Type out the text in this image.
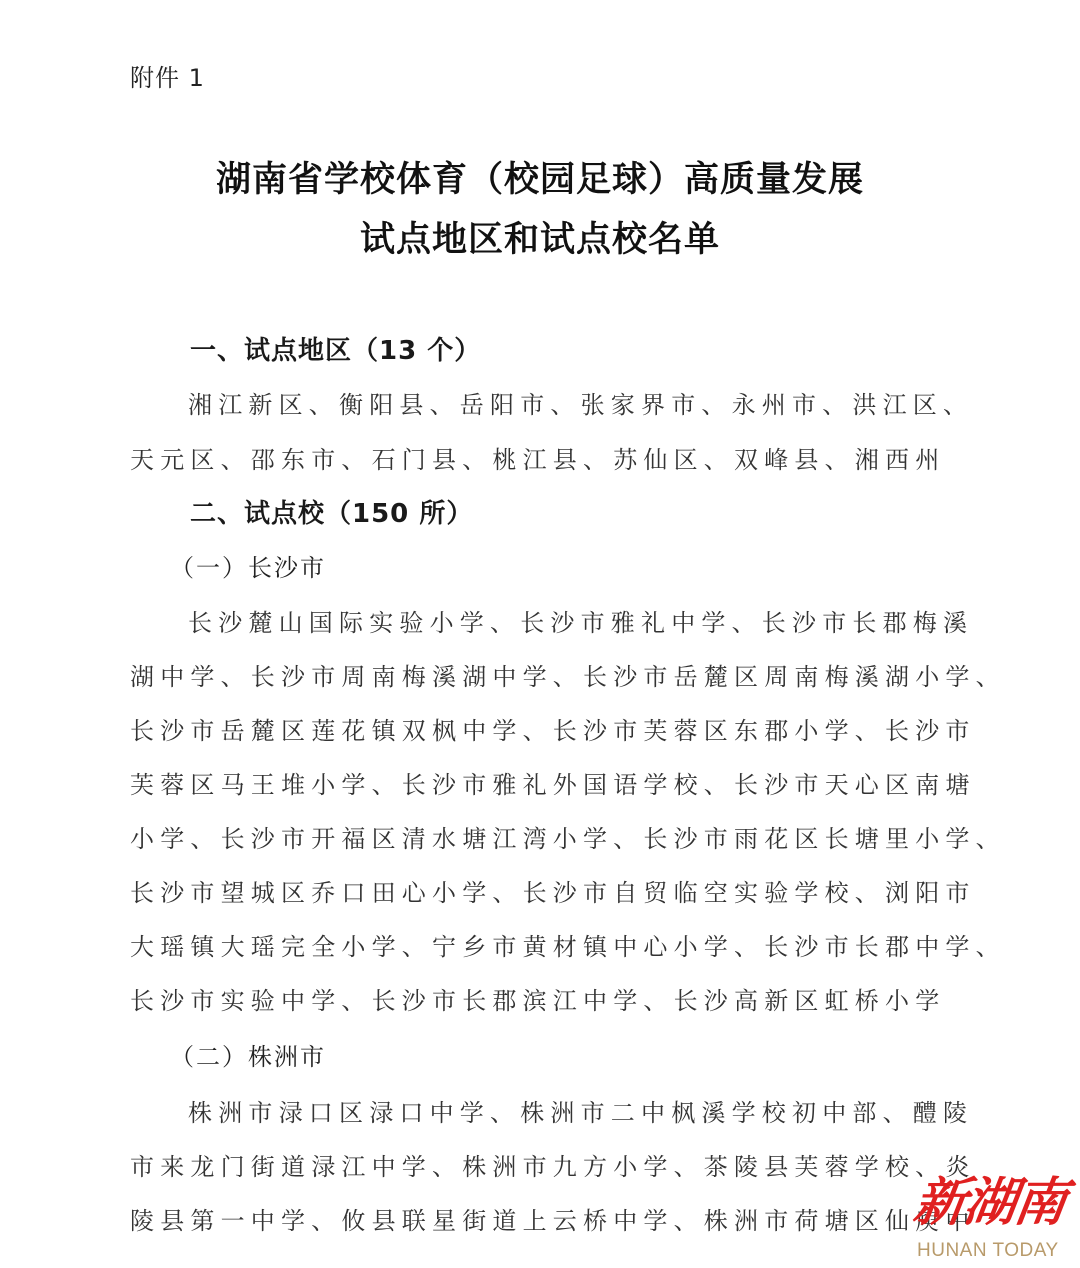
附件 1
湖南省学校体育（校园足球）高质量发展
试点地区和试点校名单
一、试点地区（13 个）
湘江新区、衡阳县、岳阳市、张家界市、永州市、洪江区、
天元区、邵东市、石门县、桃江县、苏仙区、双峰县、湘西州
二、试点校（150 所）
（一）长沙市
长沙麓山国际实验小学、长沙市雅礼中学、长沙市长郡梅溪
湖中学、长沙市周南梅溪湖中学、长沙市岳麓区周南梅溪湖小学、
长沙市岳麓区莲花镇双枫中学、长沙市芙蓉区东郡小学、长沙市
芙蓉区马王堆小学、长沙市雅礼外国语学校、长沙市天心区南塘
小学、长沙市开福区清水塘江湾小学、长沙市雨花区长塘里小学、
长沙市望城区乔口田心小学、长沙市自贸临空实验学校、浏阳市
大瑶镇大瑶完全小学、宁乡市黄材镇中心小学、长沙市长郡中学、
长沙市实验中学、长沙市长郡滨江中学、长沙高新区虹桥小学
（二）株洲市
株洲市渌口区渌口中学、株洲市二中枫溪学校初中部、醴陵
市来龙门街道渌江中学、株洲市九方小学、茶陵县芙蓉学校、炎
陵县第一中学、攸县联星街道上云桥中学、株洲市荷塘区仙庾中
新湖南
HUNAN TODAY
